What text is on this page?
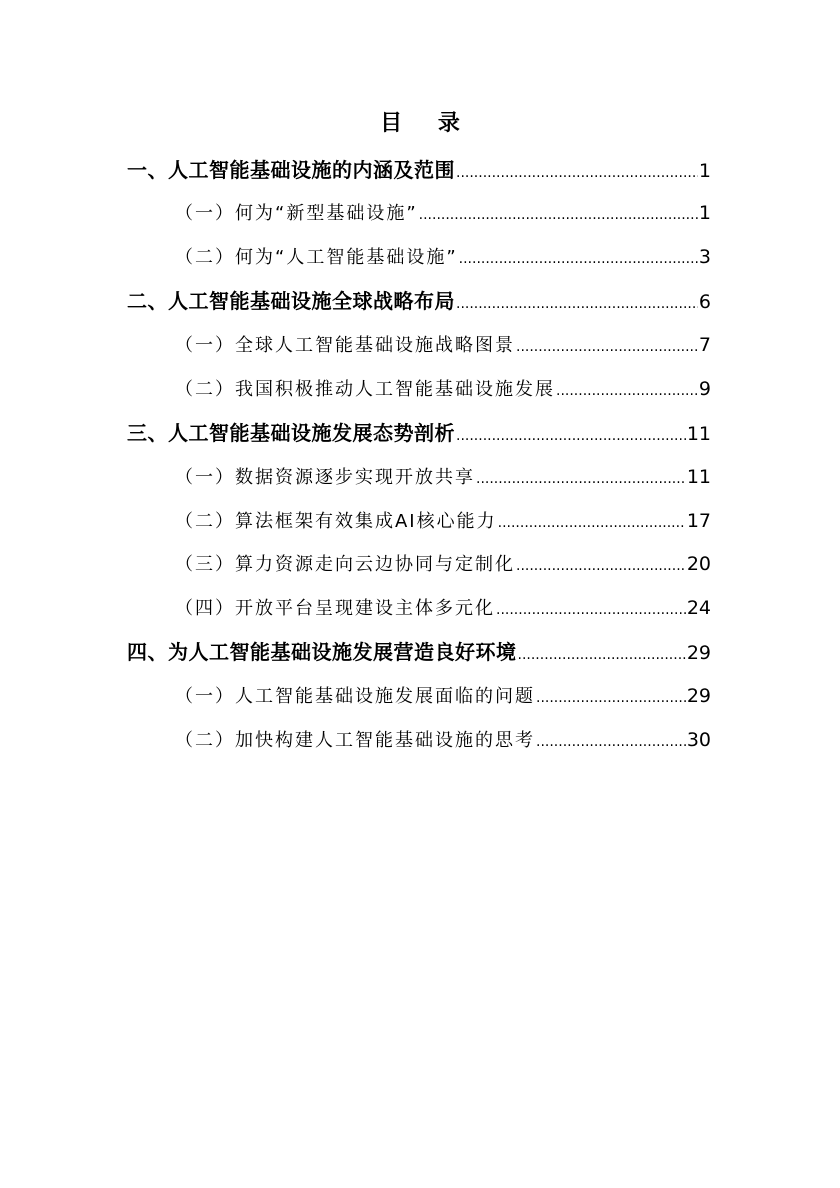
目 录
一、人工智能基础设施的内涵及范围 .....	1
（一）何为“新型基础设施” .....	1
（二）何为“人工智能基础设施” .....	3
二、人工智能基础设施全球战略布局 .....	6
（一）全球人工智能基础设施战略图景 .....	7
（二）我国积极推动人工智能基础设施发展 .....	9
三、人工智能基础设施发展态势剖析 .....	11
（一）数据资源逐步实现开放共享 .....	11
（二）算法框架有效集成AI核心能力 .....	17
（三）算力资源走向云边协同与定制化 .....	20
（四）开放平台呈现建设主体多元化 .....	24
四、为人工智能基础设施发展营造良好环境 .....	29
（一）人工智能基础设施发展面临的问题 .....	29
（二）加快构建人工智能基础设施的思考 .....	30
